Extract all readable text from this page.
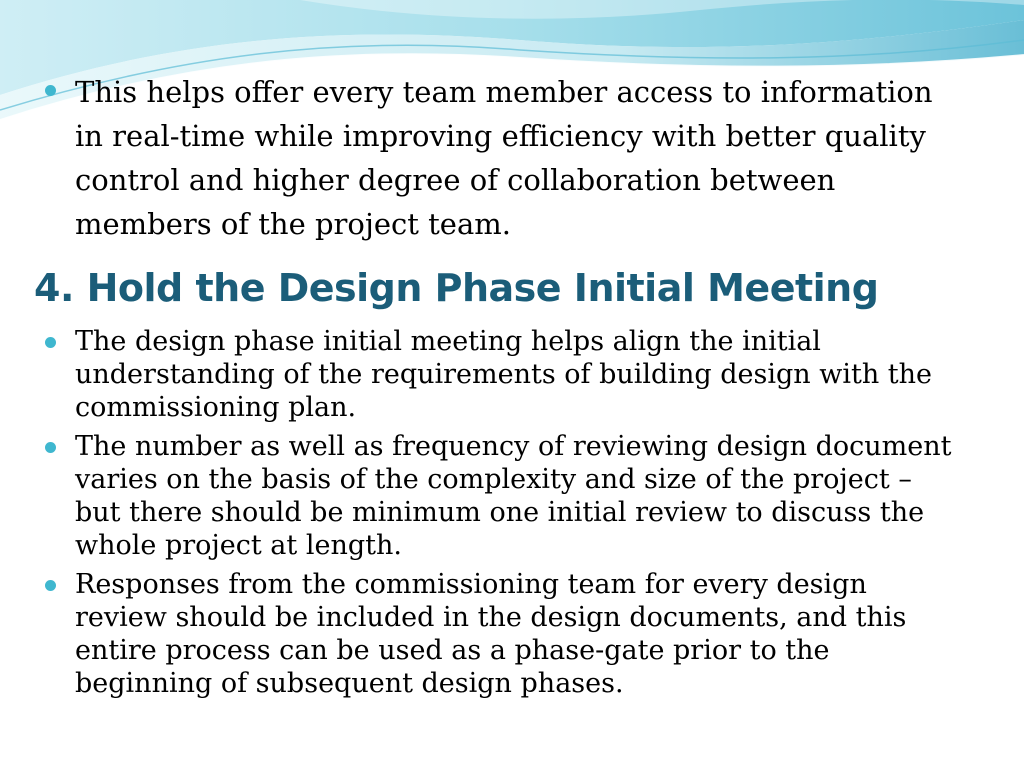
This helps offer every team member access to information in real-time while improving efficiency with better quality control and higher degree of collaboration between members of the project team.
4. Hold the Design Phase Initial Meeting
The design phase initial meeting helps align the initial understanding of the requirements of building design with the commissioning plan.
The number as well as frequency of reviewing design document varies on the basis of the complexity and size of the project – but there should be minimum one initial review to discuss the whole project at length.
Responses from the commissioning team for every design review should be included in the design documents, and this entire process can be used as a phase-gate prior to the beginning of subsequent design phases.
